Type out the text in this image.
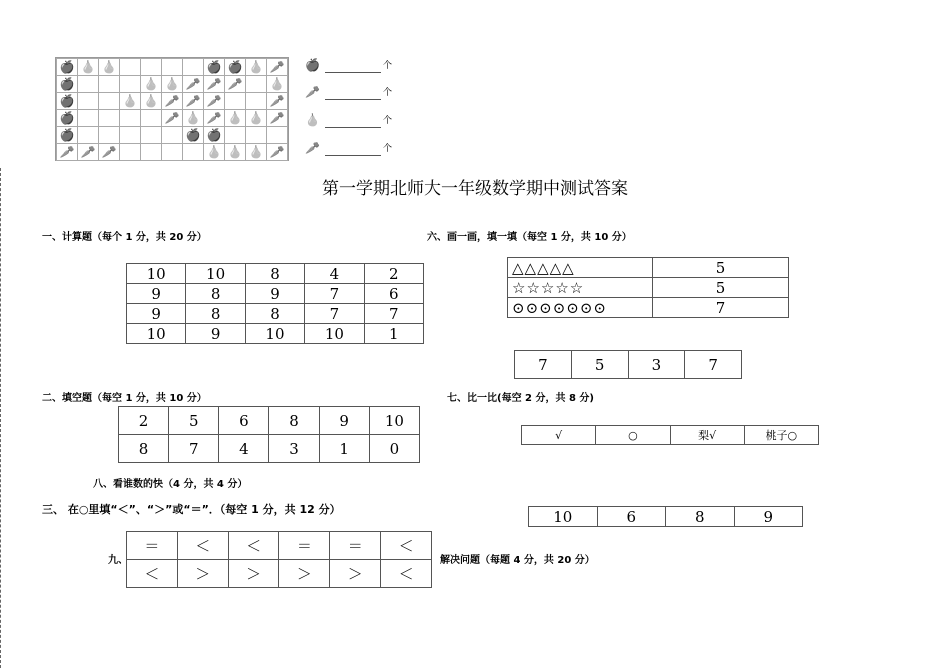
🍎	🍐	🍐					🍎	🍎	🍐	🥕
🍎				🍐	🍐	🥕	🥕	🥕		🍐
🍎			🍐	🍐	🥕	🥕	🥕			🥕
🍎					🥕	🍐	🥕	🍐	🍐	🥕
🍎						🍎	🍎			
🥕	🥕	🥕					🍐	🍐	🍐	🥕
🍎	个
🥕	个
🍐	个
🥕	个
第一学期北师大一年级数学期中测试答案
一、计算题（每个 1 分，共 20 分）
二、填空题（每空 1 分，共 10 分）
三、 在○里填“＜”、“＞”或“＝”．（每空 1 分，共 12 分）
六、画一画，填一填（每空 1 分，共 10 分）
七、比一比(每空 2 分，共 8 分)
八、看谁数的快（4 分，共 4 分）
九、	解决问题（每题 4 分，共 20 分）
10	10	8	4	2
9	8	9	7	6
9	8	8	7	7
10	9	10	10	1
2	5	6	8	9	10
8	7	4	3	1	0
＝	＜	＜	＝	＝	＜
＜	＞	＞	＞	＞	＜
△△△△△	5
☆☆☆☆☆	5
⊙⊙⊙⊙⊙⊙⊙	7
7	5	3	7
√	○	梨√	桃子○
10	6	8	9
